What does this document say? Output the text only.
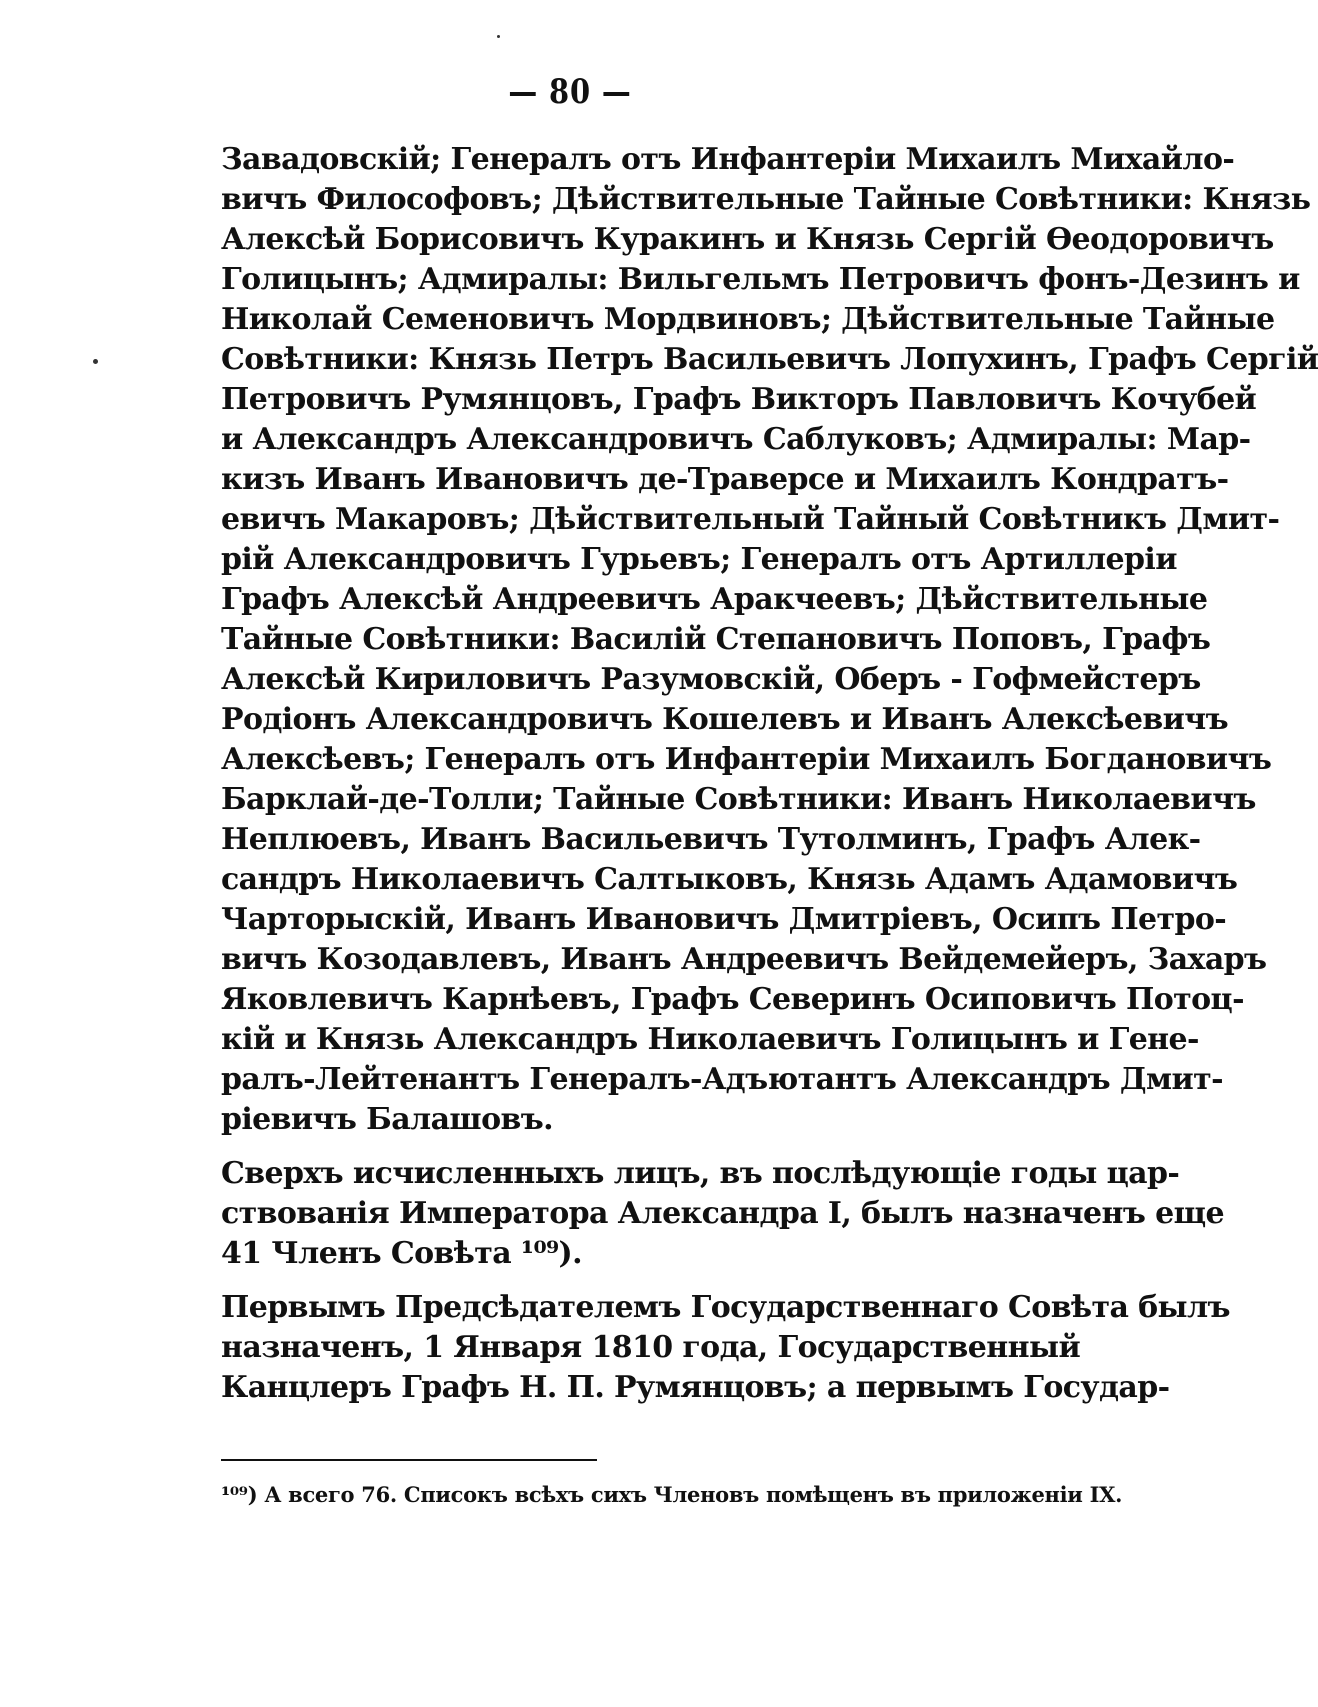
— 80 —
Завадовскій; Генералъ отъ Инфантеріи Михаилъ Михайло-
вичъ Философовъ; Дѣйствительные Тайные Совѣтники: Князь
Алексѣй Борисовичъ Куракинъ и Князь Сергій Ѳеодоровичъ
Голицынъ; Адмиралы: Вильгельмъ Петровичъ фонъ-Дезинъ и
Николай Семеновичъ Мордвиновъ; Дѣйствительные Тайные
Совѣтники: Князь Петръ Васильевичъ Лопухинъ, Графъ Сергій
Петровичъ Румянцовъ, Графъ Викторъ Павловичъ Кочубей
и Александръ Александровичъ Саблуковъ; Адмиралы: Мар-
кизъ Иванъ Ивановичъ де-Траверсе и Михаилъ Кондратъ-
евичъ Макаровъ; Дѣйствительный Тайный Совѣтникъ Дмит-
рій Александровичъ Гурьевъ; Генералъ отъ Артиллеріи
Графъ Алексѣй Андреевичъ Аракчеевъ; Дѣйствительные
Тайные Совѣтники: Василій Степановичъ Поповъ, Графъ
Алексѣй Кириловичъ Разумовскій, Оберъ - Гофмейстеръ
Родіонъ Александровичъ Кошелевъ и Иванъ Алексѣевичъ
Алексѣевъ; Генералъ отъ Инфантеріи Михаилъ Богдановичъ
Барклай-де-Толли; Тайные Совѣтники: Иванъ Николаевичъ
Неплюевъ, Иванъ Васильевичъ Тутолминъ, Графъ Алек-
сандръ Николаевичъ Салтыковъ, Князь Адамъ Адамовичъ
Чарторыскій, Иванъ Ивановичъ Дмитріевъ, Осипъ Петро-
вичъ Козодавлевъ, Иванъ Андреевичъ Вейдемейеръ, Захаръ
Яковлевичъ Карнѣевъ, Графъ Северинъ Осиповичъ Потоц-
кій и Князь Александръ Николаевичъ Голицынъ и Гене-
ралъ-Лейтенантъ Генералъ-Адъютантъ Александръ Дмит-
ріевичъ Балашовъ.
Сверхъ исчисленныхъ лицъ, въ послѣдующіе годы цар-
ствованія Императора Александра I, былъ назначенъ еще
41 Членъ Совѣта ¹⁰⁹).
Первымъ Предсѣдателемъ Государственнаго Совѣта былъ
назначенъ, 1 Января 1810 года, Государственный
Канцлеръ Графъ Н. П. Румянцовъ; а первымъ Государ-
¹⁰⁹) А всего 76. Списокъ всѣхъ сихъ Членовъ помѣщенъ въ приложеніи IX.
